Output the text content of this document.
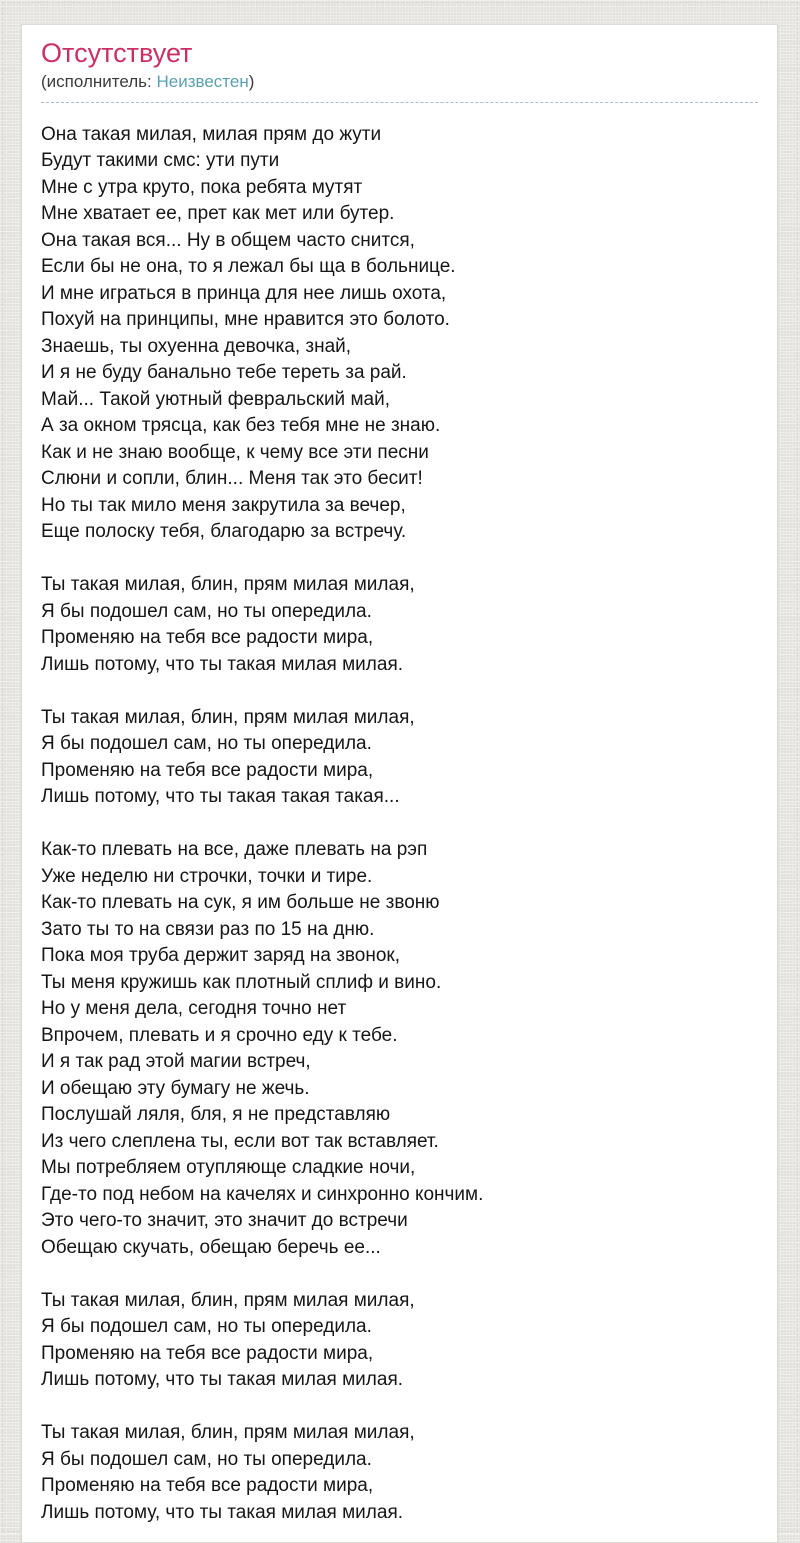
Отсутствует
(исполнитель: Неизвестен)
Она такая милая, милая прям до жути
Будут такими смс: ути пути
Мне с утра круто, пока ребята мутят
Мне хватает ее, прет как мет или бутер.
Она такая вся... Ну в общем часто снится,
Если бы не она, то я лежал бы ща в больнице.
И мне играться в принца для нее лишь охота,
Похуй на принципы, мне нравится это болото.
Знаешь, ты охуенна девочка, знай,
И я не буду банально тебе тереть за рай.
Май... Такой уютный февральский май,
А за окном трясца, как без тебя мне не знаю.
Как и не знаю вообще, к чему все эти песни
Слюни и сопли, блин... Меня так это бесит!
Но ты так мило меня закрутила за вечер,
Еще полоску тебя, благодарю за встречу.
Ты такая милая, блин, прям милая милая,
Я бы подошел сам, но ты опередила.
Променяю на тебя все радости мира,
Лишь потому, что ты такая милая милая.
Ты такая милая, блин, прям милая милая,
Я бы подошел сам, но ты опередила.
Променяю на тебя все радости мира,
Лишь потому, что ты такая такая такая...
Как-то плевать на все, даже плевать на рэп
Уже неделю ни строчки, точки и тире.
Как-то плевать на сук, я им больше не звоню
Зато ты то на связи раз по 15 на дню.
Пока моя труба держит заряд на звонок,
Ты меня кружишь как плотный сплиф и вино.
Но у меня дела, сегодня точно нет
Впрочем, плевать и я срочно еду к тебе.
И я так рад этой магии встреч,
И обещаю эту бумагу не жечь.
Послушай ляля, бля, я не представляю
Из чего слеплена ты, если вот так вставляет.
Мы потребляем отупляюще сладкие ночи,
Где-то под небом на качелях и синхронно кончим.
Это чего-то значит, это значит до встречи
Обещаю скучать, обещаю беречь ее...
Ты такая милая, блин, прям милая милая,
Я бы подошел сам, но ты опередила.
Променяю на тебя все радости мира,
Лишь потому, что ты такая милая милая.
Ты такая милая, блин, прям милая милая,
Я бы подошел сам, но ты опередила.
Променяю на тебя все радости мира,
Лишь потому, что ты такая милая милая.
